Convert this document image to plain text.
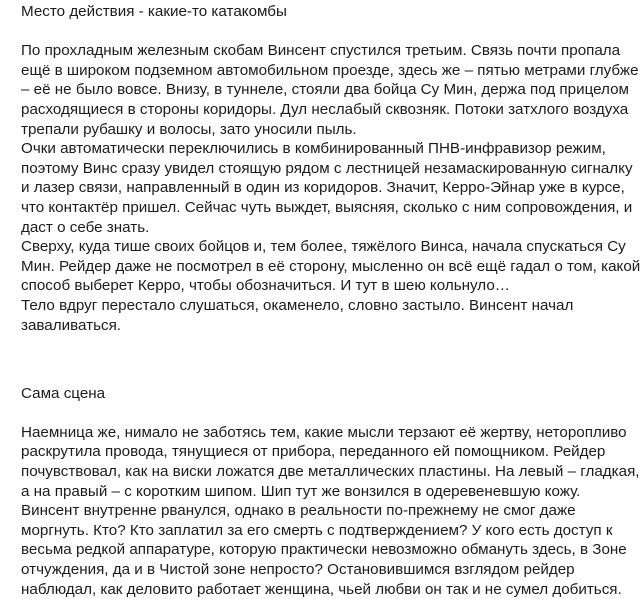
Место действия - какие-то катакомбы
По прохладным железным скобам Винсент спустился третьим. Связь почти пропала
ещё в широком подземном автомобильном проезде, здесь же – пятью метрами глубже
– её не было вовсе. Внизу, в туннеле, стояли два бойца Су Мин, держа под прицелом
расходящиеся в стороны коридоры. Дул неслабый сквозняк. Потоки затхлого воздуха
трепали рубашку и волосы, зато уносили пыль.
Очки автоматически переключились в комбинированный ПНВ-инфравизор режим,
поэтому Винс сразу увидел стоящую рядом с лестницей незамаскированную сигналку
и лазер связи, направленный в один из коридоров. Значит, Керро-Эйнар уже в курсе,
что контактёр пришел. Сейчас чуть выждет, выясняя, сколько с ним сопровождения, и
даст о себе знать.
Сверху, куда тише своих бойцов и, тем более, тяжёлого Винса, начала спускаться Су
Мин. Рейдер даже не посмотрел в её сторону, мысленно он всё ещё гадал о том, какой
способ выберет Керро, чтобы обозначиться. И тут в шею кольнуло…
Тело вдруг перестало слушаться, окаменело, словно застыло. Винсент начал
заваливаться.
Сама сцена
Наемница же, нимало не заботясь тем, какие мысли терзают её жертву, неторопливо
раскрутила провода, тянущиеся от прибора, переданного ей помощником. Рейдер
почувствовал, как на виски ложатся две металлических пластины. На левый – гладкая,
а на правый – с коротким шипом. Шип тут же вонзился в одеревеневшую кожу.
Винсент внутренне рванулся, однако в реальности по-прежнему не смог даже
моргнуть. Кто? Кто заплатил за его смерть с подтверждением? У кого есть доступ к
весьма редкой аппаратуре, которую практически невозможно обмануть здесь, в Зоне
отчуждения, да и в Чистой зоне непросто? Остановившимся взглядом рейдер
наблюдал, как деловито работает женщина, чьей любви он так и не сумел добиться.
